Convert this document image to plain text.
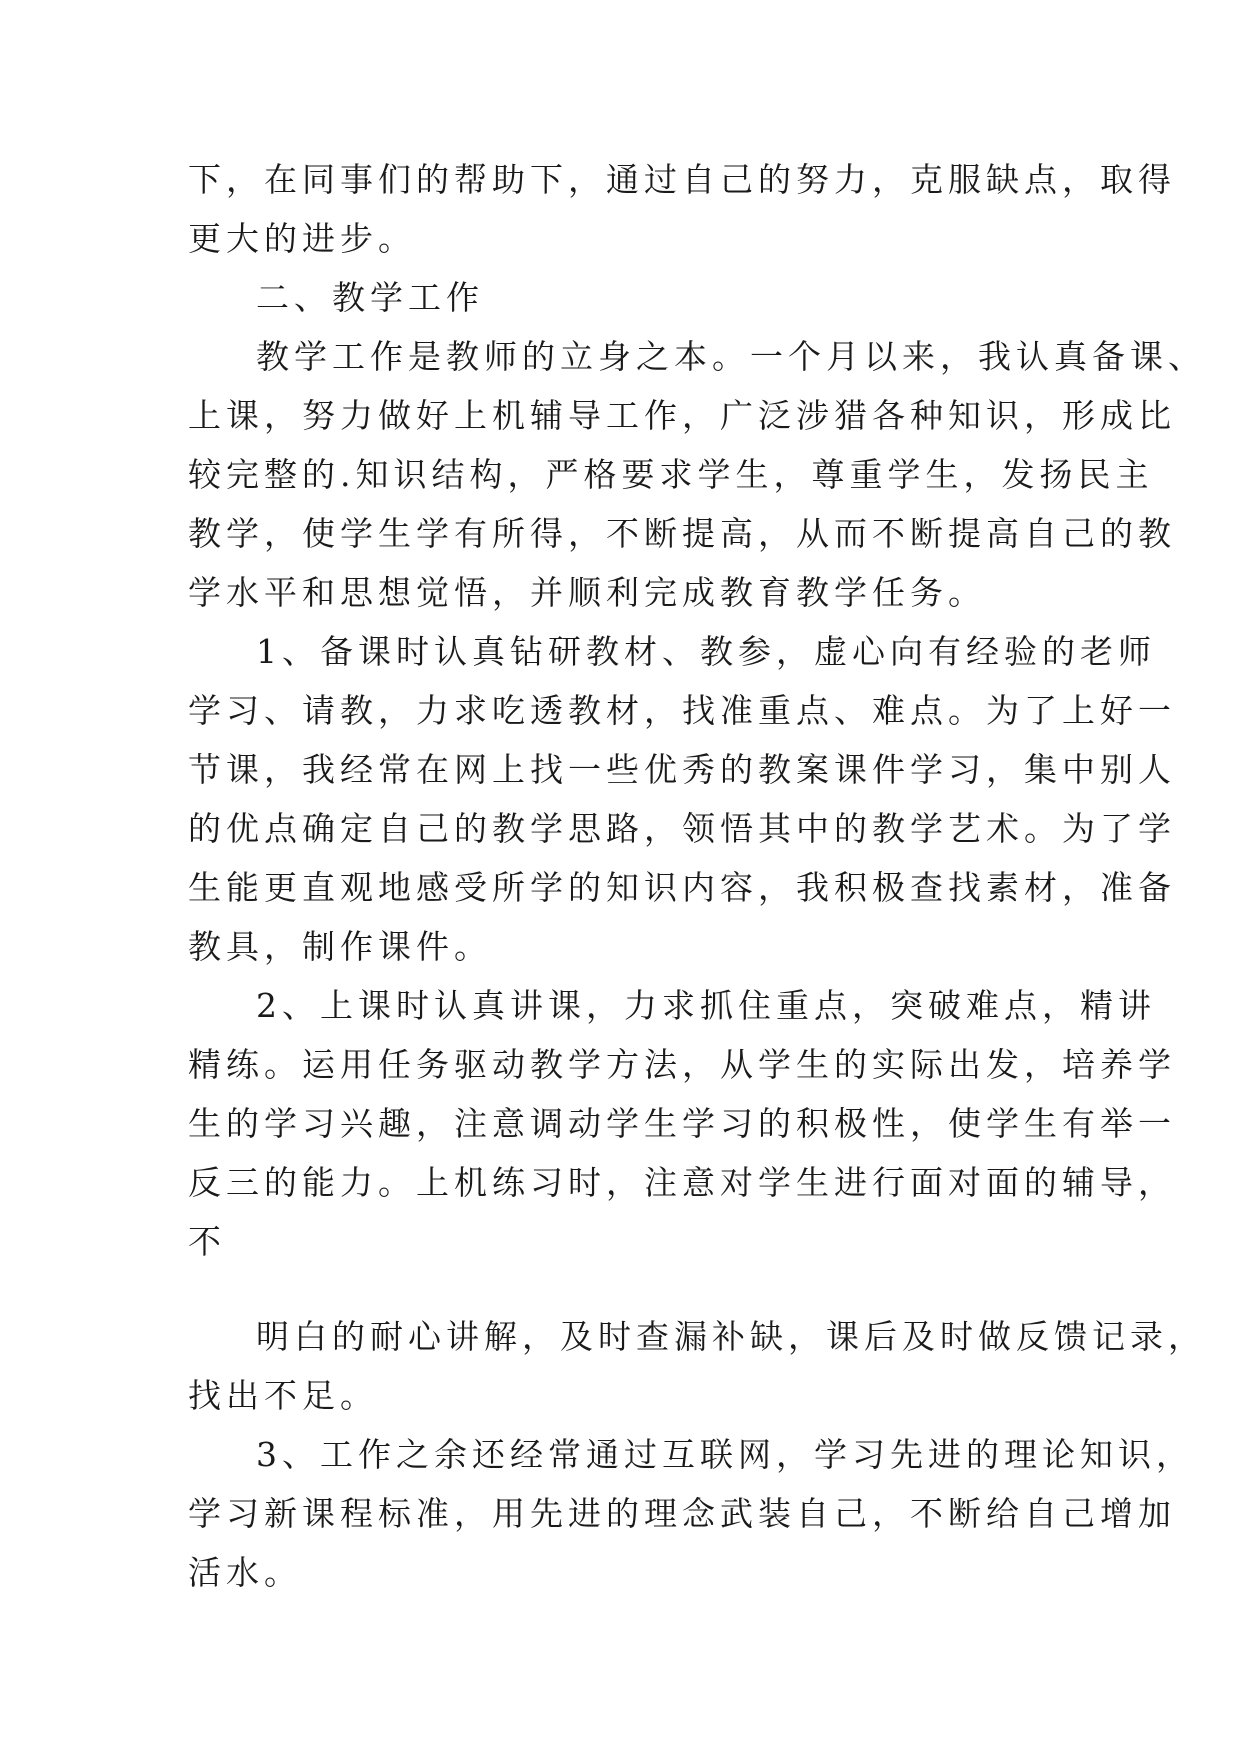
下，在同事们的帮助下，通过自己的努力，克服缺点，取得
更大的进步。
二、教学工作
教学工作是教师的立身之本。一个月以来，我认真备课、
上课，努力做好上机辅导工作，广泛涉猎各种知识，形成比
较完整的.知识结构，严格要求学生，尊重学生，发扬民主
教学，使学生学有所得，不断提高，从而不断提高自己的教
学水平和思想觉悟，并顺利完成教育教学任务。
1、备课时认真钻研教材、教参，虚心向有经验的老师
学习、请教，力求吃透教材，找准重点、难点。为了上好一
节课，我经常在网上找一些优秀的教案课件学习，集中别人
的优点确定自己的教学思路，领悟其中的教学艺术。为了学
生能更直观地感受所学的知识内容，我积极查找素材，准备
教具，制作课件。
2、上课时认真讲课，力求抓住重点，突破难点，精讲
精练。运用任务驱动教学方法，从学生的实际出发，培养学
生的学习兴趣，注意调动学生学习的积极性，使学生有举一
反三的能力。上机练习时，注意对学生进行面对面的辅导，
不
明白的耐心讲解，及时查漏补缺，课后及时做反馈记录，
找出不足。
3、工作之余还经常通过互联网，学习先进的理论知识，
学习新课程标准，用先进的理念武装自己，不断给自己增加
活水。
